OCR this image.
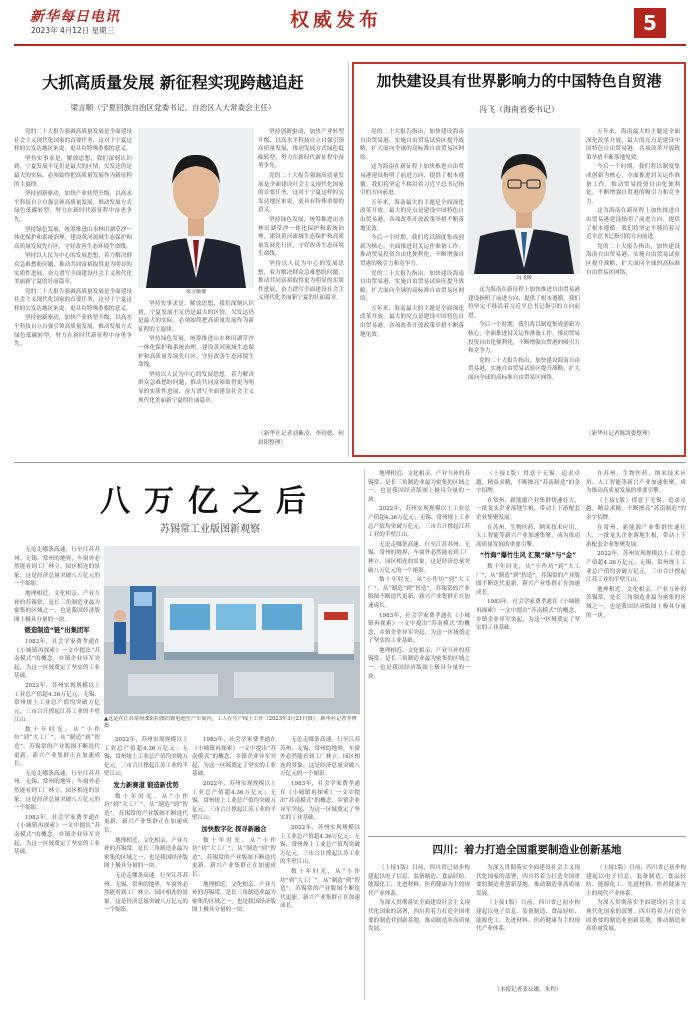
新华每日电讯
2023年 4月12日 星期三	权威发布	5
大抓高质量发展 新征程实现跨越追赶
梁言顺（宁夏回族自治区党委书记、自治区人大常委会主任）

党的二十大报告强调高质量发展是全面建设社会主义现代化国家的首要任务，这对于宁夏这样的欠发达地区来说，更具有特殊重要的意义。

坚持实事求是，解放思想，我们深刻认识到，宁夏发展不足仍是最大的区情，欠发达仍是最大的实际，必须始终把高质量发展作为新征程的主旋律。

坚持创新驱动，加快产业转型升级，以高水平科技自立自强引领高质量发展，推动发展方式绿色低碳转型，努力在新时代新征程中奋勇争先。

坚持绿色发展，统筹推进山水林田湖草沙一体化保护和系统治理，建设黄河流域生态保护和高质量发展先行区，守好改善生态环境生命线。

坚持以人民为中心的发展思想，着力解决群众急难愁盼问题，推动共同富裕取得更为明显的实质性进展，奋力谱写全面建设社会主义现代化美丽新宁夏的壮丽篇章。

党的二十大报告强调高质量发展是全面建设社会主义现代化国家的首要任务，这对于宁夏这样的欠发达地区来说，更具有特殊重要的意义。

坚持创新驱动，加快产业转型升级，以高水平科技自立自强引领高质量发展，推动发展方式绿色低碳转型，努力在新时代新征程中奋勇争先。

梁言顺像

坚持实事求是，解放思想，我们深刻认识到，宁夏发展不足仍是最大的区情，欠发达仍是最大的实际，必须始终把高质量发展作为新征程的主旋律。

坚持绿色发展，统筹推进山水林田湖草沙一体化保护和系统治理，建设黄河流域生态保护和高质量发展先行区，守好改善生态环境生命线。

坚持以人民为中心的发展思想，着力解决群众急难愁盼问题，推动共同富裕取得更为明显的实质性进展，奋力谱写全面建设社会主义现代化美丽新宁夏的壮丽篇章。

坚持创新驱动，加快产业转型升级，以高水平科技自立自强引领高质量发展，推动发展方式绿色低碳转型，努力在新时代新征程中奋勇争先。

党的二十大报告强调高质量发展是全面建设社会主义现代化国家的首要任务，这对于宁夏这样的欠发达地区来说，更具有特殊重要的意义。

坚持绿色发展，统筹推进山水林田湖草沙一体化保护和系统治理，建设黄河流域生态保护和高质量发展先行区，守好改善生态环境生命线。

坚持以人民为中心的发展思想，着力解决群众急难愁盼问题，推动共同富裕取得更为明显的实质性进展，奋力谱写全面建设社会主义现代化美丽新宁夏的壮丽篇章。

（新华社记者刘紫凌、李钧德、何晨阳整理）

加快建设具有世界影响力的中国特色自贸港
冯飞（海南省委书记）

党的二十大报告指出，加快建设海南自由贸易港，实施自由贸易试验区提升战略，扩大面向全球的高标准自由贸易区网络。

这为海南在新征程上加快推进自由贸易港建设指明了前进方向、提供了根本遵循。我们将坚定不移沿着习近平总书记指引的方向前进。

五年来，海南最大的主题是全面深化改革开放，最大的亮点是建设中国特色自由贸易港，各项改革开放政策举措不断落地见效。

今后一个时期，我们将以制度集成创新为核心，全面推进封关运作准备工作，推动贸易投资自由化便利化，不断增强自贸港的吸引力和竞争力。

党的二十大报告指出，加快建设海南自由贸易港，实施自由贸易试验区提升战略，扩大面向全球的高标准自由贸易区网络。

五年来，海南最大的主题是全面深化改革开放，最大的亮点是建设中国特色自由贸易港，各项改革开放政策举措不断落地见效。

冯飞像

这为海南在新征程上加快推进自由贸易港建设指明了前进方向、提供了根本遵循。我们将坚定不移沿着习近平总书记指引的方向前进。

今后一个时期，我们将以制度集成创新为核心，全面推进封关运作准备工作，推动贸易投资自由化便利化，不断增强自贸港的吸引力和竞争力。

党的二十大报告指出，加快建设海南自由贸易港，实施自由贸易试验区提升战略，扩大面向全球的高标准自由贸易区网络。

五年来，海南最大的主题是全面深化改革开放，最大的亮点是建设中国特色自由贸易港，各项改革开放政策举措不断落地见效。

今后一个时期，我们将以制度集成创新为核心，全面推进封关运作准备工作，推动贸易投资自由化便利化，不断增强自贸港的吸引力和竞争力。

这为海南在新征程上加快推进自由贸易港建设指明了前进方向、提供了根本遵循。我们将坚定不移沿着习近平总书记指引的方向前进。

党的二十大报告指出，加快建设海南自由贸易港，实施自由贸易试验区提升战略，扩大面向全球的高标准自由贸易区网络。

（新华社记者陈凯姿整理）

八万亿之后
苏锡常工业版图新观察

无论走哪条高速，行至江苏苏州、无锡、常州的地界，车窗外必然能看到工厂林立、园区相连的景象。这是经济总量突破八万亿元的一个缩影。

地理相近、文化相亲、产业互补的苏锡常，是长三角制造业最为密集的区域之一，也是我国经济版图上极具分量的一块。

锻造制造“链”出集团军

1983年，社会学家费孝通在《小城镇再探索》一文中提出“苏南模式”的概念，乡镇企业异军突起，为这一区域奠定了坚实的工业基础。

2022年，苏州实现规模以上工业总产值超4.36万亿元；无锡、常州规上工业总产值均突破万亿元，三市合计撑起江苏工业的半壁江山。

数十年时光，从“小作坊”到“大工厂”，从“制造”到“智造”，苏锡常的产业版图不断迭代更新，新兴产业集群正在加速成长。

无论走哪条高速，行至江苏苏州、无锡、常州的地界，车窗外必然能看到工厂林立、园区相连的景象。这是经济总量突破八万亿元的一个缩影。

1983年，社会学家费孝通在《小城镇再探索》一文中提出“苏南模式”的概念，乡镇企业异军突起，为这一区域奠定了坚实的工业基础。

▲这是在江苏常州溧阳拍摄的锂电池生产车间内，工人在生产线上工作（2023年3月21日摄）。新华社记者李博摄

2022年，苏州实现规模以上工业总产值超4.36万亿元；无锡、常州规上工业总产值均突破万亿元，三市合计撑起江苏工业的半壁江山。

发力新赛道 锻造新优势

数十年时光，从“小作坊”到“大工厂”，从“制造”到“智造”，苏锡常的产业版图不断迭代更新，新兴产业集群正在加速成长。

地理相近、文化相亲、产业互补的苏锡常，是长三角制造业最为密集的区域之一，也是我国经济版图上极具分量的一块。

无论走哪条高速，行至江苏苏州、无锡、常州的地界，车窗外必然能看到工厂林立、园区相连的景象。这是经济总量突破八万亿元的一个缩影。

1983年，社会学家费孝通在《小城镇再探索》一文中提出“苏南模式”的概念，乡镇企业异军突起，为这一区域奠定了坚实的工业基础。

2022年，苏州实现规模以上工业总产值超4.36万亿元；无锡、常州规上工业总产值均突破万亿元，三市合计撑起江苏工业的半壁江山。

加快数字化 探寻新融合

数十年时光，从“小作坊”到“大工厂”，从“制造”到“智造”，苏锡常的产业版图不断迭代更新，新兴产业集群正在加速成长。

地理相近、文化相亲、产业互补的苏锡常，是长三角制造业最为密集的区域之一，也是我国经济版图上极具分量的一块。

无论走哪条高速，行至江苏苏州、无锡、常州的地界，车窗外必然能看到工厂林立、园区相连的景象。这是经济总量突破八万亿元的一个缩影。

1983年，社会学家费孝通在《小城镇再探索》一文中提出“苏南模式”的概念，乡镇企业异军突起，为这一区域奠定了坚实的工业基础。

2022年，苏州实现规模以上工业总产值超4.36万亿元；无锡、常州规上工业总产值均突破万亿元，三市合计撑起江苏工业的半壁江山。

数十年时光，从“小作坊”到“大工厂”，从“制造”到“智造”，苏锡常的产业版图不断迭代更新，新兴产业集群正在加速成长。

地理相近、文化相亲、产业互补的苏锡常，是长三角制造业最为密集的区域之一，也是我国经济版图上极具分量的一块。

2022年，苏州实现规模以上工业总产值超4.36万亿元；无锡、常州规上工业总产值均突破万亿元，三市合计撑起江苏工业的半壁江山。

无论走哪条高速，行至江苏苏州、无锡、常州的地界，车窗外必然能看到工厂林立、园区相连的景象。这是经济总量突破八万亿元的一个缩影。

数十年时光，从“小作坊”到“大工厂”，从“制造”到“智造”，苏锡常的产业版图不断迭代更新，新兴产业集群正在加速成长。

1983年，社会学家费孝通在《小城镇再探索》一文中提出“苏南模式”的概念，乡镇企业异军突起，为这一区域奠定了坚实的工业基础。

地理相近、文化相亲、产业互补的苏锡常，是长三角制造业最为密集的区域之一，也是我国经济版图上极具分量的一块。

（上接1版）得意于无锡，追求卓越，精益求精，不断擦亮“苏南制造”的金字招牌。

在常州，新能源产业集群快速壮大，一批龙头企业落地生根，带动上下游配套企业集聚发展。

在苏州，生物医药、纳米技术应用、人工智能等新兴产业加速集聚，成为推动高质量发展的重要引擎。

“竹海”爆竹生风 汇聚“绿”与“金”

数十年时光，从“小作坊”到“大工厂”，从“制造”到“智造”，苏锡常的产业版图不断迭代更新，新兴产业集群正在加速成长。

1983年，社会学家费孝通在《小城镇再探索》一文中提出“苏南模式”的概念，乡镇企业异军突起，为这一区域奠定了坚实的工业基础。

在苏州，生物医药、纳米技术应用、人工智能等新兴产业加速集聚，成为推动高质量发展的重要引擎。

（上接1版）得意于无锡，追求卓越，精益求精，不断擦亮“苏南制造”的金字招牌。

在常州，新能源产业集群快速壮大，一批龙头企业落地生根，带动上下游配套企业集聚发展。

2022年，苏州实现规模以上工业总产值超4.36万亿元；无锡、常州规上工业总产值均突破万亿元，三市合计撑起江苏工业的半壁江山。

地理相近、文化相亲、产业互补的苏锡常，是长三角制造业最为密集的区域之一，也是我国经济版图上极具分量的一块。

四川：着力打造全国重要制造业创新基地

（上接1版）目前，四川省已初步构建起以电子信息、装备制造、食品轻纺、能源化工、先进材料、医药健康为主的现代产业体系。

为深入贯彻落实全面建设社会主义现代化国家的部署，四川将着力打造全国重要的制造业创新基地，推动制造业高质量发展。

为深入贯彻落实全面建设社会主义现代化国家的部署，四川将着力打造全国重要的制造业创新基地，推动制造业高质量发展。

（上接1版）目前，四川省已初步构建起以电子信息、装备制造、食品轻纺、能源化工、先进材料、医药健康为主的现代产业体系。

（本报记者张辰娜、朱程）

（上接1版）目前，四川省已初步构建起以电子信息、装备制造、食品轻纺、能源化工、先进材料、医药健康为主的现代产业体系。

为深入贯彻落实全面建设社会主义现代化国家的部署，四川将着力打造全国重要的制造业创新基地，推动制造业高质量发展。
